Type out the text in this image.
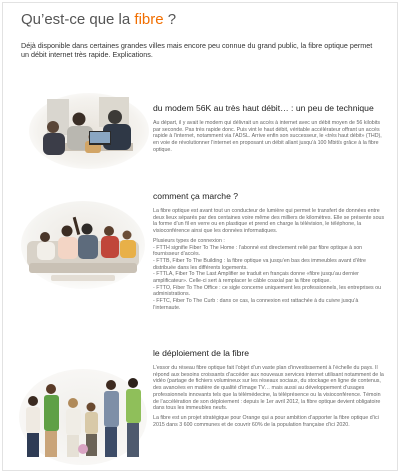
Qu’est-ce que la fibre ?
Déjà disponible dans certaines grandes villes mais encore peu connue du grand public, la fibre optique permet un débit internet très rapide. Explications.
du modem 56K au très haut débit… : un peu de technique

Au départ, il y avait le modem qui délivrait un accès à internet avec un débit moyen de 56 kilobits par seconde. Pas très rapide donc. Puis vint le haut débit, véritable accélérateur offrant un accès rapide à l’internet, notamment via l’ADSL. Arrive enfin son successeur, le «très haut débit» (THD), en voie de révolutionner l’internet en proposant un débit allant jusqu’à 100 Mbit/s grâce à la fibre optique.

comment ça marche ?

La fibre optique est avant tout un conducteur de lumière qui permet le transfert de données entre deux lieux séparés par des centaines voire même des milliers de kilomètres. Elle se présente sous la forme d’un fil en verre ou en plastique et prend en charge la télévision, le téléphone, la visioconférence ainsi que les données informatiques.

Plusieurs types de connexion :

- FTTH signifie Fiber To The Home : l’abonné est directement relié par fibre optique à son fournisseur d’accès.

- FTTB, Fiber To The Building : la fibre optique va jusqu’en bas des immeubles avant d’être distribuée dans les différents logements.

- FTTLA, Fiber To The Last Amplifier se traduit en français donne «fibre jusqu’au dernier amplificateur». Celle-ci sert à remplacer le câble coaxial par la fibre optique.

- FTTO, Fiber To The Office : ce sigle concerne uniquement les professionnels, les entreprises ou administrations.

- FFTC, Fiber To The Curb : dans ce cas, la connexion est rattachée à du cuivre jusqu’à l’internaute.

le déploiement de la fibre

L’essor du réseau fibre optique fait l’objet d’un vaste plan d’investissement à l’échelle du pays. Il répond aux besoins croissants d’accéder aux nouveaux services internet utilisant notamment de la vidéo (partage de fichiers volumineux sur les réseaux sociaux, du stockage en ligne de contenus, des avancées en matière de qualité d’image TV… mais aussi au développement d’usages professionnels innovants tels que la télémédecine, la téléprésence ou la visioconférence. Témoin de l’accélération de son déploiement : depuis le 1er avril 2012, la fibre optique devient obligatoire dans tous les immeubles neufs.

La fibre est un projet stratégique pour Orange qui a pour ambition d’apporter la fibre optique d’ici 2015 dans 3 600 communes et de couvrir 60% de la population française d’ici 2020.
